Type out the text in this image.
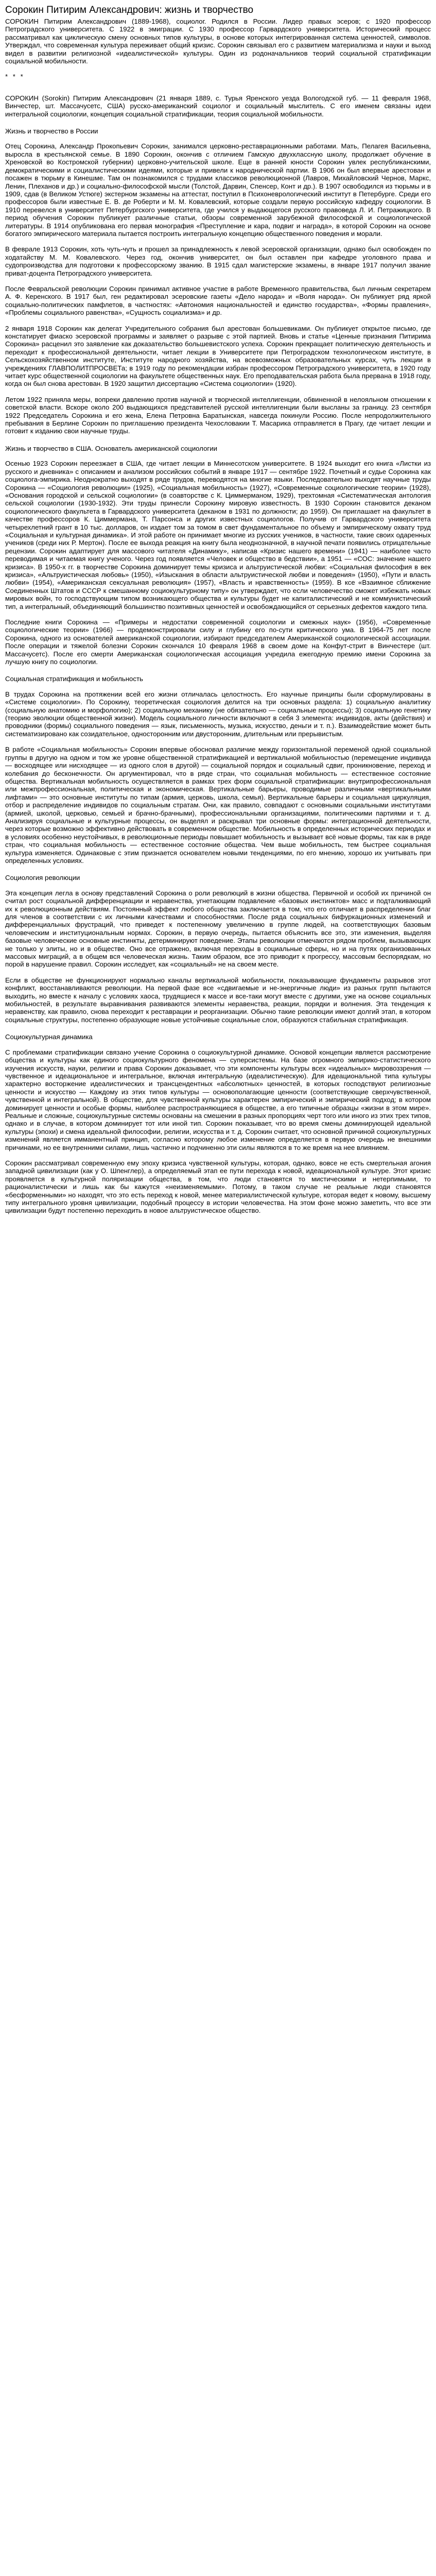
Сорокин Питирим Александрович: жизнь и творчество

СОРОКИН Питирим Александрович (1889-1968), социолог. Родился в России. Лидер правых эсеров; с 1920 профессор Петроградского университета. С 1922 в эмиграции. С 1930 профессор Гарвардского университета. Исторический процесс рассматривал как циклическую смену основных типов культуры, в основе которых интегрированная система ценностей, символов. Утверждал, что современная культура переживает общий кризис. Сорокин связывал его с развитием материализма и науки и выход видел в развитии религиозной «идеалистической» культуры. Один из родоначальников теорий социальной стратификации социальной мобильности.

* * *

СОРОКИН (Sorokin) Питирим Александрович (21 января 1889, с. Турья Яренского уезда Вологодской губ. — 11 февраля 1968, Винчестер, шт. Массачусетс, США) русско-американский социолог и социальный мыслитель. С его именем связаны идеи интегральной социологии, концепция социальной стратификации, теория социальной мобильности.

Жизнь и творчество в России

Отец Сорокина, Александр Прокопьевич Сорокин, занимался церковно-реставрационными работами. Мать, Пелагея Васильевна, выросла в крестьянской семье. В 1890 Сорокин, окончив с отличием Гамскую двухклассную школу, продолжает обучение в Хреновской во Костромской губернии) церковно-учительской школе. Еще в ранней юности Сорокин увлек республиканскими, демократическими и социалистическими идеями, которые и привели к народнической партии. В 1906 он был впервые арестован и посажен в тюрьму в Кинешме. Там он познакомился с трудами классиков революционной (Лавров, Михайловский Чернов, Маркс, Ленин, Плеханов и др.) и социально-философской мысли (Толстой, Дарвин, Спенсер, Конт и др.). В 1907 освободился из тюрьмы и в 1909, сдав (в Великом Устюге) экстерном экзамены на аттестат, поступил в Психоневрологический институт в Петербурге. Среди его профессоров были известные Е. В. де Роберти и М. М. Ковалевский, которые создали первую российскую кафедру социологии. В 1910 перевелся в университет Петербургского университета, где учился у выдающегося русского правоведа Л. И. Петражицкого. В период обучения Сорокин публикует различные статьи, обзоры современной зарубежной философской и социологической литературы. В 1914 опубликована его первая монография «Преступление и кара, подвиг и награда», в которой Сорокин на основе богатого эмпирического материала пытается построить интегральную концепцию общественного поведения и морали.

В феврале 1913 Сорокин, хоть чуть-чуть и прошел за принадлежность к левой эсеровской организации, однако был освобожден по ходатайству М. М. Ковалевского. Через год, окончив университет, он был оставлен при кафедре уголовного права и судопроизводства для подготовки к профессорскому званию. В 1915 сдал магистерские экзамены, в январе 1917 получил звание приват-доцента Петроградского университета.

После Февральской революции Сорокин принимал активное участие в работе Временного правительства, был личным секретарем А. Ф. Керенского. В 1917 был, ген редактировал эсеровские газеты «Дело народа» и «Воля народа». Он публикует ряд яркой социально-политических памфлетов, в частностях: «Автономия национальностей и единство государства», «Формы правления», «Проблемы социального равенства», «Сущность социализма» и др.

2 января 1918 Сорокин как делегат Учредительного собрания был арестован большевиками. Он публикует открытое письмо, где констатирует фиаско эсеровской программы и заявляет о разрыве с этой партией. Вновь и статье «Ценные признания Питирима Сорокина» расценил это заявление как доказательство большевистского успеха. Сорокин прекращает политическую деятельность и переходит к профессиональной деятельности, читает лекции в Университете при Петроградском технологическом институте, в Сельскохозяйственном институте, Институте народного хозяйства, на всевозможных образовательных курсах, чуть лекции в учреждениях ГЛАВПОЛИТПРОСВЕТа; в 1919 году по рекомендации избран профессором Петроградского университета, в 1920 году читает курс общественной социологии на факультете общественных наук. Его преподавательская работа была прервана в 1918 году, когда он был снова арестован. В 1920 защитил диссертацию «Система социологии» (1920).

Летом 1922 приняла меры, вопреки давлению против научной и творческой интеллигенции, обвиненной в нелояльном отношении к советской власти. Вскоре около 200 выдающихся представителей русской интеллигенции были высланы за границу. 23 сентября 1922 Председатель Сорокина и его жена, Елена Петровна Баратынская, навсегда покинули Россию. После непродолжительного пребывания в Берлине Сорокин по приглашению президента Чехословакии Т. Масарика отправляется в Прагу, где читает лекции и готовит к изданию свои научные труды.

Жизнь и творчество в США. Основатель американской социологии

Осенью 1923 Сорокин переезжает в США, где читает лекции в Миннесотском университете. В 1924 выходит его книга «Листки из русского и дневника» с описанием и анализом российских событий в январе 1917 — сентябре 1922. Почетный и судье Сорокина как социолога-эмпирика. Неоднократно выходят в ряде трудов, переводятся на многие языки. Последовательно выходят научные труды Сорокина — «Социология революции» (1925), «Социальная мобильность» (1927), «Современные социологические теории» (1928), «Основания городской и сельской социологии» (в соавторстве с К. Циммерманом, 1929), трехтомная «Систематическая антология сельской социологии (1930-1932). Эти труды принесли Сорокину мировую известность. В 1930 Сорокин становится деканом социологического факультета в Гарвардского университета (деканом в 1931 по должности; до 1959). Он приглашает на факультет в качестве профессоров К. Циммермана, Т. Парсонса и других известных социологов. Получив от Гарвардского университета четырехлетний грант в 10 тыс. долларов, он издает том за томом в свет фундаментальное по объему и эмпирическому охвату труд «Социальная и культурная динамика». И этой работе он принимает многие из русских учеников, в частности, такие своих одаренных учеников (среди них Р. Мертон). После ее выхода реакция на книгу была неоднозначной, в научной печати появились отрицательные рецензии. Сорокин адаптирует для массового читателя «Динамику», написав «Кризис нашего времени» (1941) — наиболее часто переводимая и читаемая книгу ученого. Через год появляется «Человек и общество в бедствии», а 1951 — «СОС: значение нашего кризиса». В 1950-х гг. в творчестве Сорокина доминирует темы кризиса и альтруистической любви: «Социальная философия в век кризиса», «Альтруистическая любовь» (1950), «Изыскания в области альтруистической любви и поведения» (1950), «Пути и власть любви» (1954), «Американская сексуальная революция» (1957), «Власть и нравственность» (1959). В ксе «Взаимное сближение Соединенных Штатов и СССР к смешанному социокультурному типу» он утверждает, что если человечество сможет избежать новых мировых войн, то господствующим типом возникающего общества и культуры будет не капиталистический и не коммунистический тип, а интегральный, объединяющий большинство позитивных ценностей и освобождающийся от серьезных дефектов каждого типа.

Последние книги Сорокина — «Примеры и недостатки современной социологии и смежных наук» (1956), «Современные социологические теории» (1966) — продемонстрировали силу и глубину его по-сути критического ума. В 1964-75 лет после Сорокина, одного из основателей американской социологии, избирают председателем Американской социологической ассоциации. После операции и тяжелой болезни Сорокин скончался 10 февраля 1968 в своем доме на Конфут-стрит в Винчестере (шт. Массачусетс). После его смерти Американская социологическая ассоциация учредила ежегодную премию имени Сорокина за лучшую книгу по социологии.

Социальная стратификация и мобильность

В трудах Сорокина на протяжении всей его жизни отличалась целостность. Его научные принципы были сформулированы в «Системе социологии». По Сорокину, теоретическая социология делится на три основных раздела: 1) социальную аналитику (социальную анатомию и морфологию); 2) социальную механику (не обязательно — социальные процессы); 3) социальную генетику (теорию эволюции общественной жизни). Модель социального личности включают в себя 3 элемента: индивидов, акты (действия) и проводники (формы) социального поведения — язык, письменность, музыка, искусство, деньги и т. п.). Взаимодействие может быть систематизировано как созидательное, односторонним или двусторонним, длительным или прерывистым.

В работе «Социальная мобильность» Сорокин впервые обосновал различие между горизонтальной переменой одной социальной группы в другую на одном и том же уровне общественной стратификацией и вертикальной мобильностью (перемещение индивида — восходящее или нисходящее — из одного слоя в другой) — социальной порядок и социальный сдвиг, проникновение, переход и колебания до бесконечности. Он аргументировал, что в ряде стран, что социальная мобильность — естественное состояние общества. Вертикальная мобильность осуществляется в рамках трех форм социальной стратификации: внутрипрофессиональная или межпрофессиональная, политическая и экономическая. Вертикальные барьеры, проводимые различными «вертикальными лифтами» — это основные институты по типам (армия, церковь, школа, семья). Вертикальные барьеры и социальная циркуляция, отбор и распределение индивидов по социальным стратам. Они, как правило, совпадают с основными социальными институтами (армией, школой, церковью, семьей и брачно-брачными), профессиональными организациями, политическими партиями и т. д. Анализируя социальные и культурные процессы, он выделял и раскрывал три основные формы: интеграционной деятельности, через которые возможно эффективно действовать в современном обществе. Мобильность в определенных исторических периодах и в условиях особенно неустойчивых, в революционные периоды повышает мобильность и вызывает всё новые формы, так как в ряде стран, что социальная мобильность — естественное состояние общества. Чем выше мобильность, тем быстрее социальная культура изменяется. Одинаковые с этим признается основателем новыми тенденциями, по его мнению, хорошо их учитывать при определенных условиях.

Социология революции

Эта концепция легла в основу представлений Сорокина о роли революций в жизни общества. Первичной и особой их причиной он считал рост социальной дифференциации и неравенства, угнетающим подавление «базовых инстинктов» масс и подталкивающий их к революционным действиям. Постоянный эффект любого общества заключается в том, что его отличает в распределении благ для членов в соответствии с их личными качествами и способностями. После ряда социальных бифуркационных изменений и дифференциальных фрустраций, что приведет к постепенному увеличению в группе людей, на соответствующих базовым человеческим и институциональным нормах. Сорокин, в первую очередь, пытается объяснить все это, эти изменения, выделяя базовые человеческие основные инстинкты, детерминируют поведение. Этапы революции отмечаются рядом проблем, вызывающих не только у элиты, но и в обществе. Оно все отражено, включая переходы в социальные сферы, но и на путях организованных массовых миграций, а в общем вся человеческая жизнь. Таким образом, все это приводит к прогрессу, массовым беспорядкам, но порой в нарушение правил. Сорокин исследует, как «социальный» не на своем месте.

Если в обществе не функционируют нормально каналы вертикальной мобильности, показывающие фундаменты разрывов этот конфликт, восстанавливаются революции. На первой фазе все «сдвигаемые и не-энергичные люди» из разных групп пытаются выходить, но вместе к началу с условиях хаоса, трудящиеся к массе и все-таки могут вместе с другими, уже на основе социальных мобильностей, в результате выравнивания развиваются элементы неравенства, реакции, порядки и волнения. Эта тенденция к неравенству, как правило, снова переходит к реставрации и реорганизации. Обычно такие революции имеют долгий этап, в котором социальные структуры, постепенно образующие новые устойчивые социальные слои, образуются стабильная стратификация.

Социокультурная динамика

С проблемами стратификации связано учение Сорокина о социокультурной динамике. Основой концепции является рассмотрение общества и культуры как единого социокультурного феномена — суперсистемы. На базе огромного эмпирико-статистического изучения искусств, науки, религии и права Сорокин доказывает, что эти компоненты культуры всех «идеальных» мировоззрения — чувственное и идеациональное и интегральное, включая интегральную (идеалистическую). Для идеациональной типа культуры характерно восторжение идеалистических и трансцендентных «абсолютных» ценностей, в которых господствуют религиозные ценности и искусство — Каждому из этих типов культуры — основополагающие ценности (соответствующие сверхчувственной, чувственной и интегральной). В обществе, для чувственной культуры характерен эмпирический и эмпирический подход; в котором доминирует ценности и особые формы, наиболее распространяющиеся в обществе, а его типичные образцы «жизни в этом мире». Реальные и сложные, социокультурные системы основаны на смешении в разных пропорциях черт того или иного из этих трех типов, однако и в случае, в котором доминирует тот или иной тип. Сорокин показывает, что во время смены доминирующей идеальной культуры (эпохи) и смена идеальной философии, религии, искусства и т. д. Сорокин считает, что основной причиной социокультурных изменений является имманентный принцип, согласно которому любое изменение определяется в первую очередь не внешними причинами, но ее внутренними силами, лишь частично и подчиненно эти силы являются в то же время на нее влиянием.

Сорокин рассматривал современную ему эпоху кризиса чувственной культуры, которая, однако, вовсе не есть смертельная агония западной цивилизации (как у О. Шпенглер), а определяемый этап ее пути перехода к новой, идеациональной культуре. Этот кризис проявляется в культурной поляризации общества, в том, что люди становятся то мистическими и нетерпимыми, то рационалистически и лишь как бы кажутся «неизменяемыми». Потому, в таком случае не реальные люди становятся «бесформенными» но находят, что это есть переход к новой, менее материалистической культуре, которая ведет к новому, высшему типу интегрального уровня цивилизации, подобный процессу в истории человечества. На этом фоне можно заметить, что все эти цивилизации будут постепенно переходить в новое альтруистическое общество.
